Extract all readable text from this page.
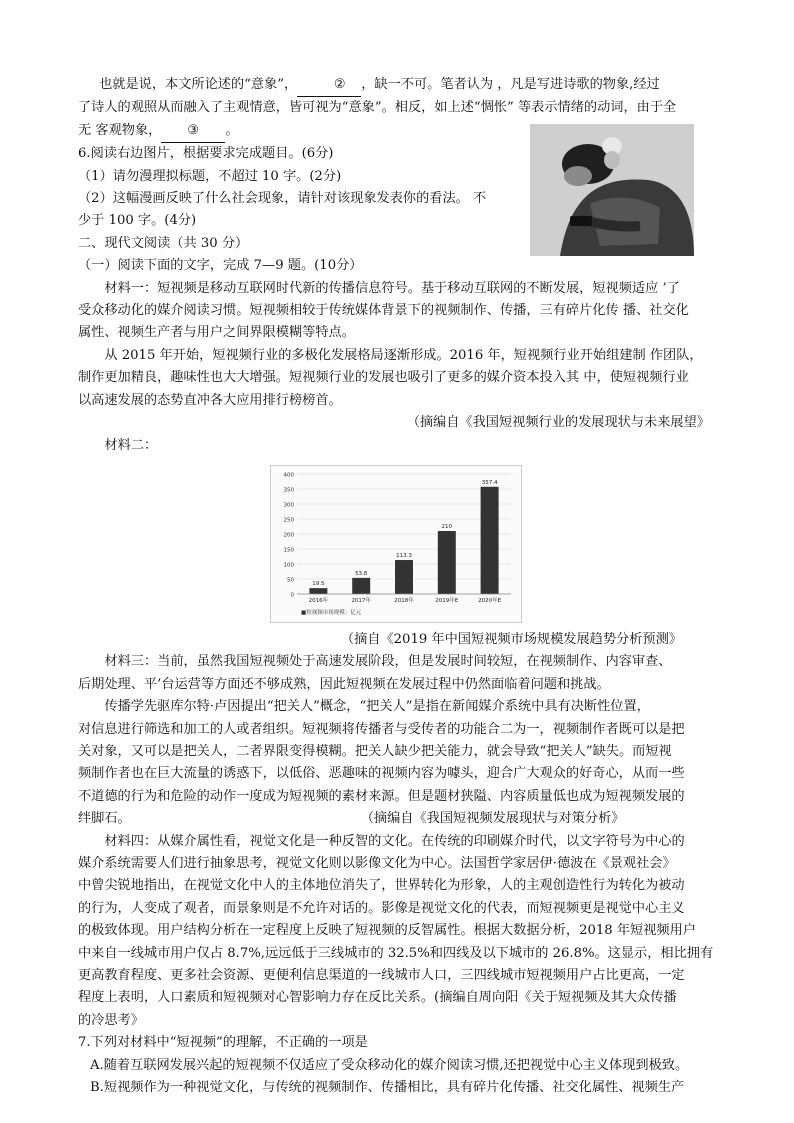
也就是说，本文所论述的“意象”，	② ，缺一不可。笔者认为 ，凡是写进诗歌的物象,经过

了诗人的观照从而融入了主观情意，皆可视为“意象”。相反，如上述“惆怅” 等表示情绪的动词，由于全

无 客观物象， ③ 。

6.阅读右边图片，根据要求完成题目。(6分)

（1）请勿漫理拟标题，不超过 10 字。(2分)

（2）这幅漫画反映了什么社会现象，请针对该现象发表你的看法。 不

少于 100 字。(4分)

二、现代文阅读（共 30 分）

（一）阅读下面的文字，完成 7—9 题。(10分）

材料一：短视频是移动互联网时代新的传播信息符号。基于移动互联网的不断发展，短视频适应 ’了

受众移动化的媒介阅读习惯。短视频相较于传统媒体背景下的视频制作、传播，三有碎片化传 播、社交化

属性、视频生产者与用户之间界限模糊等特点。

从 2015 年开始，短视频行业的多极化发展格局逐渐形成。2016 年，短视频行业开始组建制 作团队，

制作更加精良，趣味性也大大增强。短视频行业的发展也吸引了更多的媒介资本投入其 中，使短视频行业

以高速发展的态势直冲各大应用排行榜榜首。

（摘编自《我国短视频行业的发展现状与未来展望》

材料二：

0
50
100
150
200
250
300
350
400
19.5
2016年
53.8
2017年
113.3
2018年
210
2019年E
357.4
2020年E
■短视频市场规模：亿元

（摘自《2019 年中国短视频市场规模发展趋势分析预测》

材料三：当前，虽然我国短视频处于高速发展阶段，但是发展时间较短，在视频制作、内容审查、

后期处理、平’台运营等方面还不够成熟，因此短视频在发展过程中仍然面临着问题和挑战。

传播学先驱库尔特·卢因提出“把关人”概念，“把关人”是指在新闻媒介系统中具有决断性位置，

对信息进行筛选和加工的人或者组织。短视频将传播者与受传者的功能合二为一，视频制作者既可以是把

关对象，又可以是把关人，二者界限变得模糊。把关人缺少把关能力，就会导致“把关人”缺失。而短视

频制作者也在巨大流量的诱惑下，以低俗、恶趣味的视频内容为噱头，迎合广大观众的好奇心，从而一些

不道德的行为和危险的动作一度成为短视频的素材来源。但是题材狭隘、内容质量低也成为短视频发展的

绊脚石。	（摘编自《我国短视频发展现状与对策分析》

材料四：从媒介属性看，视觉文化是一种反智的文化。在传统的印刷媒介时代，以文字符号为中心的

媒介系统需要人们进行抽象思考，视觉文化则以影像文化为中心。法国哲学家居伊·德波在《景观社会》

中曾尖锐地指出，在视觉文化中人的主体地位消失了，世界转化为形象，人的主观创造性行为转化为被动

的行为，人变成了观者，而景象则是不允许对话的。影像是视觉文化的代表，而短视频更是视觉中心主义

的极致体现。用户结构分析在一定程度上反映了短视频的反智属性。根据大数据分析，2018 年短视频用户

中来自一线城市用户仅占 8.7%,远远低于三线城市的 32.5%和四线及以下城市的 26.8%。这显示，相比拥有

更高教育程度、更多社会资源、更便利信息渠道的一线城市人口，三四线城市短视频用户占比更高，一定

程度上表明，人口素质和短视频对心智影响力存在反比关系。(摘编自周向阳《关于短视频及其大众传播

的冷思考》

7.下列对材料中“短视频”的理解，不正确的一项是

A.随着互联网发展兴起的短视频不仅适应了受众移动化的媒介阅读习惯,还把视觉中心主义体现到极致。

B.短视频作为一种视觉文化，与传统的视频制作、传播相比，具有碎片化传播、社交化属性、视频生产
